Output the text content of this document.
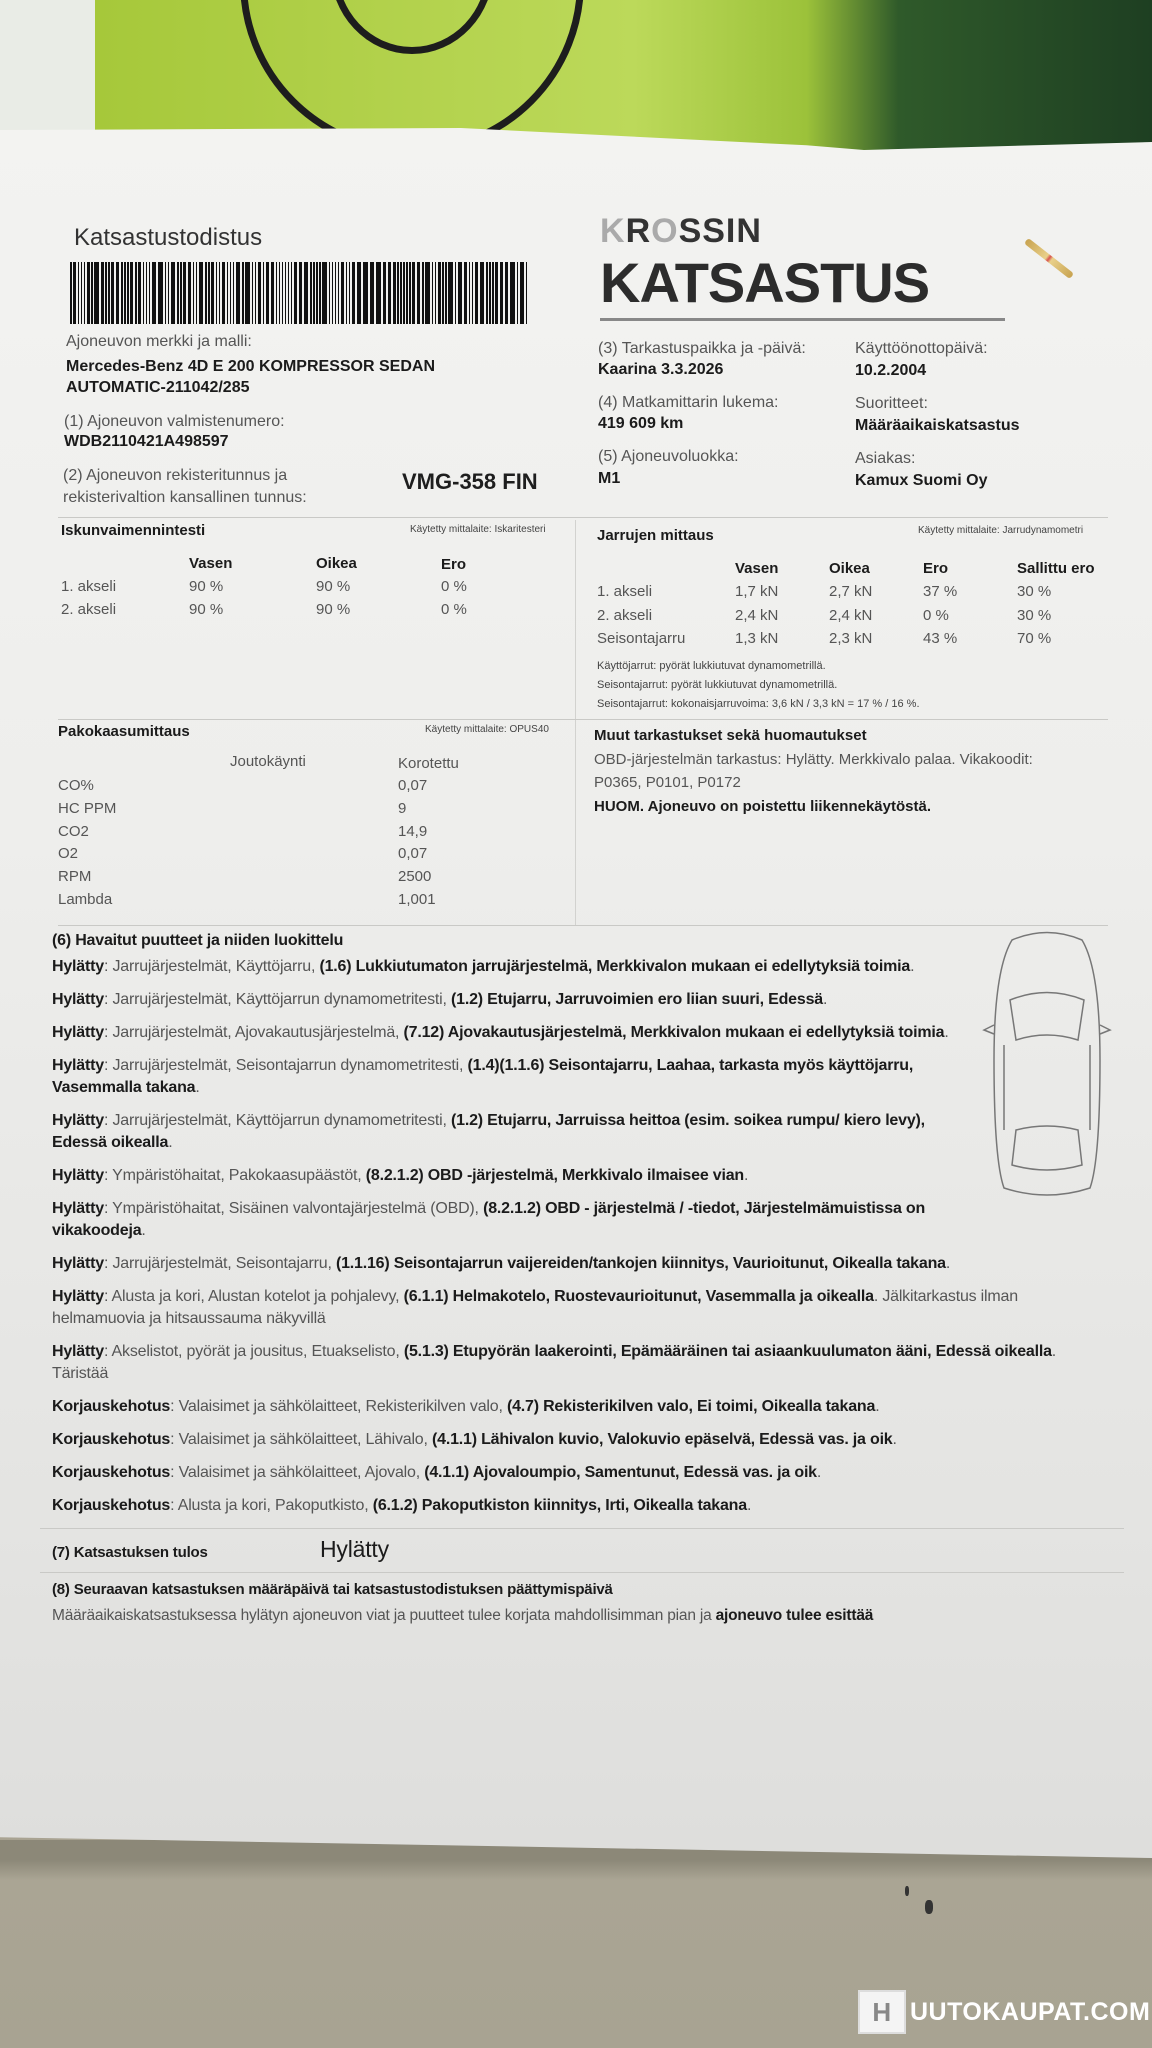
Katsastustodistus	KROSSIN
KATSASTUS
Ajoneuvon merkki ja malli:
Mercedes-Benz 4D E 200 KOMPRESSOR SEDAN
AUTOMATIC-211042/285
(1) Ajoneuvon valmistenumero:
WDB2110421A498597
(2) Ajoneuvon rekisteritunnus ja
rekisterivaltion kansallinen tunnus:
VMG-358 FIN
(3) Tarkastuspaikka ja -päivä:
Kaarina 3.3.2026
Käyttöönottopäivä:
10.2.2004
(4) Matkamittarin lukema:
419 609 km
Suoritteet:
Määräaikaiskatsastus
(5) Ajoneuvoluokka:
M1
Asiakas:
Kamux Suomi Oy
Iskunvaimennintesti	Käytetty mittalaite: Iskaritesteri
Vasen	Oikea	Ero
1. akseli	90 %	90 %	0 %
2. akseli	90 %	90 %	0 %
Jarrujen mittaus	Käytetty mittalaite: Jarrudynamometri
Vasen	Oikea	Ero	Sallittu ero
1. akseli	1,7 kN	2,7 kN	37 %	30 %
2. akseli	2,4 kN	2,4 kN	0 %	30 %
Seisontajarru	1,3 kN	2,3 kN	43 %	70 %
Käyttöjarrut: pyörät lukkiutuvat dynamometrillä.
Seisontajarrut: pyörät lukkiutuvat dynamometrillä.
Seisontajarrut: kokonaisjarruvoima: 3,6 kN / 3,3 kN = 17 % / 16 %.
Pakokaasumittaus	Käytetty mittalaite: OPUS40
Joutokäynti	Korotettu
CO%	0,07
HC PPM	9
CO2	14,9
O2	0,07
RPM	2500
Lambda	1,001
Muut tarkastukset sekä huomautukset
OBD-järjestelmän tarkastus: Hylätty. Merkkivalo palaa. Vikakoodit:
P0365, P0101, P0172
HUOM. Ajoneuvo on poistettu liikennekäytöstä.
(6) Havaitut puutteet ja niiden luokittelu
Hylätty: Jarrujärjestelmät, Käyttöjarru, (1.6) Lukkiutumaton jarrujärjestelmä, Merkkivalon mukaan ei edellytyksiä toimia.
Hylätty: Jarrujärjestelmät, Käyttöjarrun dynamometritesti, (1.2) Etujarru, Jarruvoimien ero liian suuri, Edessä.
Hylätty: Jarrujärjestelmät, Ajovakautusjärjestelmä, (7.12) Ajovakautusjärjestelmä, Merkkivalon mukaan ei edellytyksiä toimia.
Hylätty: Jarrujärjestelmät, Seisontajarrun dynamometritesti, (1.4)(1.1.6) Seisontajarru, Laahaa, tarkasta myös käyttöjarru, Vasemmalla takana.
Hylätty: Jarrujärjestelmät, Käyttöjarrun dynamometritesti, (1.2) Etujarru, Jarruissa heittoa (esim. soikea rumpu/ kiero levy), Edessä oikealla.
Hylätty: Ympäristöhaitat, Pakokaasupäästöt, (8.2.1.2) OBD -järjestelmä, Merkkivalo ilmaisee vian.
Hylätty: Ympäristöhaitat, Sisäinen valvontajärjestelmä (OBD), (8.2.1.2) OBD - järjestelmä / -tiedot, Järjestelmämuistissa on vikakoodeja.
Hylätty: Jarrujärjestelmät, Seisontajarru, (1.1.16) Seisontajarrun vaijereiden/tankojen kiinnitys, Vaurioitunut, Oikealla takana.
Hylätty: Alusta ja kori, Alustan kotelot ja pohjalevy, (6.1.1) Helmakotelo, Ruostevaurioitunut, Vasemmalla ja oikealla. Jälkitarkastus ilman helmamuovia ja hitsaussauma näkyvillä
Hylätty: Akselistot, pyörät ja jousitus, Etuakselisto, (5.1.3) Etupyörän laakerointi, Epämääräinen tai asiaankuulumaton ääni, Edessä oikealla. Täristää
Korjauskehotus: Valaisimet ja sähkölaitteet, Rekisterikilven valo, (4.7) Rekisterikilven valo, Ei toimi, Oikealla takana.
Korjauskehotus: Valaisimet ja sähkölaitteet, Lähivalo, (4.1.1) Lähivalon kuvio, Valokuvio epäselvä, Edessä vas. ja oik.
Korjauskehotus: Valaisimet ja sähkölaitteet, Ajovalo, (4.1.1) Ajovaloumpio, Samentunut, Edessä vas. ja oik.
Korjauskehotus: Alusta ja kori, Pakoputkisto, (6.1.2) Pakoputkiston kiinnitys, Irti, Oikealla takana.
(7) Katsastuksen tulos	Hylätty
(8) Seuraavan katsastuksen määräpäivä tai katsastustodistuksen päättymispäivä
Määräaikaiskatsastuksessa hylätyn ajoneuvon viat ja puutteet tulee korjata mahdollisimman pian ja ajoneuvo tulee esittää
H UUTOKAUPAT.COM
